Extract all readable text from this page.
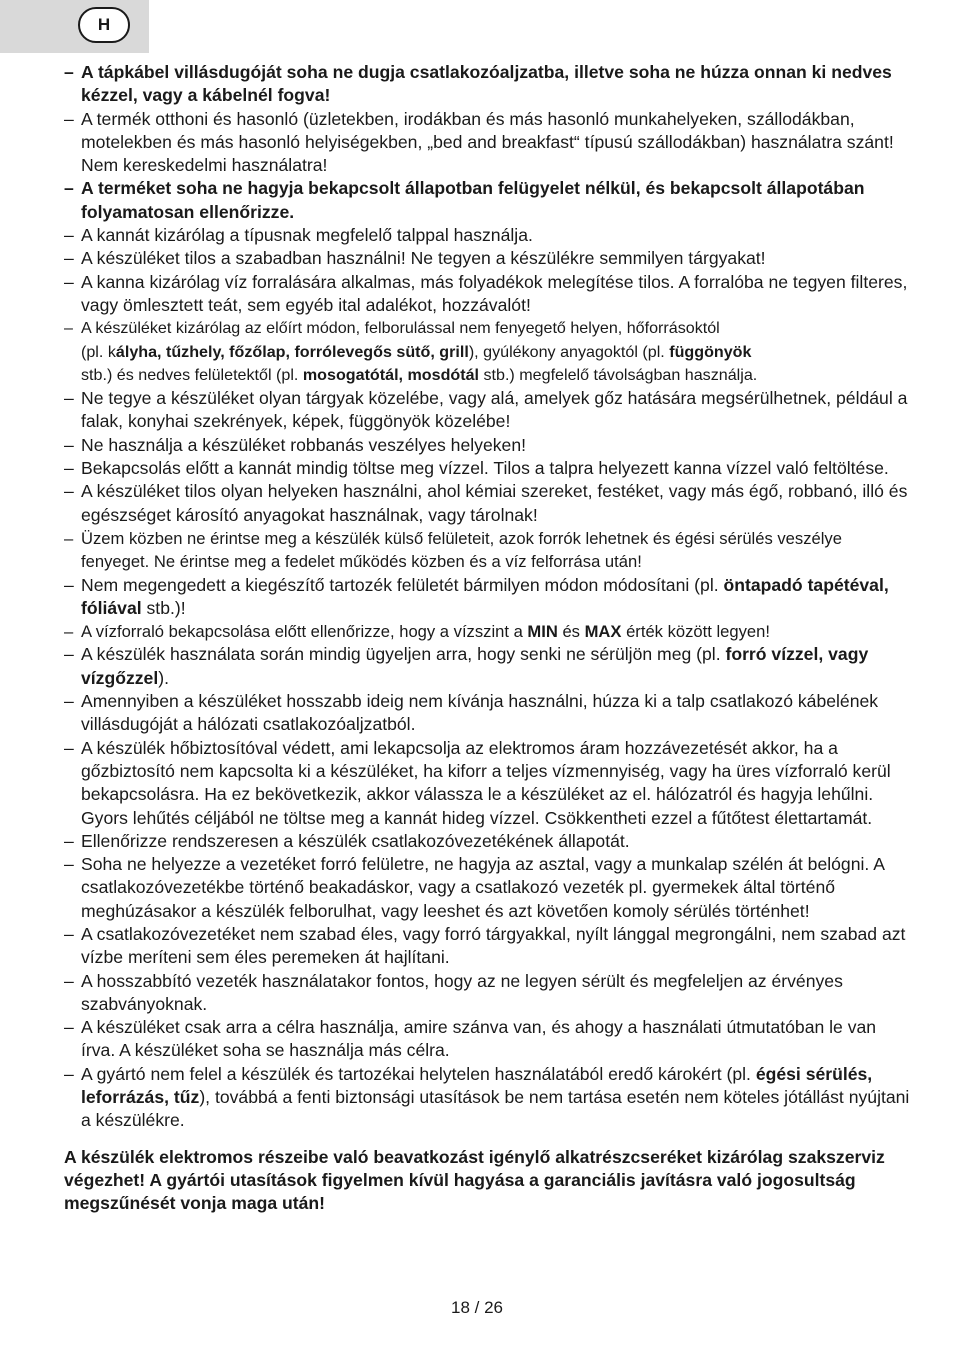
H
– A tápkábel villásdugóját soha ne dugja csatlakozóaljzatba, illetve soha ne húzza onnan ki nedves kézzel, vagy a kábelnél fogva!
– A termék otthoni és hasonló (üzletekben, irodákban és más hasonló munkahelyeken, szállodákban, motelekben és más hasonló helyiségekben, „bed and breakfast“ típusú szállodákban) használatra szánt! Nem kereskedelmi használatra!
– A terméket soha ne hagyja bekapcsolt állapotban felügyelet nélkül, és bekapcsolt állapotában folyamatosan ellenőrizze.
– A kannát kizárólag a típusnak megfelelő talppal használja.
– A készüléket tilos a szabadban használni! Ne tegyen a készülékre semmilyen tárgyakat!
– A kanna kizárólag víz forralására alkalmas, más folyadékok melegítése tilos. A forralóba ne tegyen filteres, vagy ömlesztett teát, sem egyéb ital adalékot, hozzávalót!
– A készüléket kizárólag az előírt módon, felborulással nem fenyegető helyen, hőforrásoktól
(pl. kályha, tűzhely, főzőlap, forrólevegős sütő, grill), gyúlékony anyagoktól (pl. függönyök
stb.) és nedves felületektől (pl. mosogatótál, mosdótál stb.) megfelelő távolságban használja.
– Ne tegye a készüléket olyan tárgyak közelébe, vagy alá, amelyek gőz hatására megsérülhetnek, például a falak, konyhai szekrények, képek, függönyök közelébe!
– Ne használja a készüléket robbanás veszélyes helyeken!
– Bekapcsolás előtt a kannát mindig töltse meg vízzel. Tilos a talpra helyezett kanna vízzel való feltöltése.
– A készüléket tilos olyan helyeken használni, ahol kémiai szereket, festéket, vagy más égő, robbanó, illó és egészséget károsító anyagokat használnak, vagy tárolnak!
– Üzem közben ne érintse meg a készülék külső felületeit, azok forrók lehetnek és égési sérülés veszélye fenyeget. Ne érintse meg a fedelet működés közben és a víz felforrása után!
– Nem megengedett a kiegészítő tartozék felületét bármilyen módon módosítani (pl. öntapadó tapétéval, fóliával stb.)!
– A vízforraló bekapcsolása előtt ellenőrizze, hogy a vízszint a MIN és MAX érték között legyen!
– A készülék használata során mindig ügyeljen arra, hogy senki ne sérüljön meg (pl. forró vízzel, vagy vízgőzzel).
– Amennyiben a készüléket hosszabb ideig nem kívánja használni, húzza ki a talp csatlakozó kábelének villásdugóját a hálózati csatlakozóaljzatból.
– A készülék hőbiztosítóval védett, ami lekapcsolja az elektromos áram hozzávezetését akkor, ha a gőzbiztosító nem kapcsolta ki a készüléket, ha kiforr a teljes vízmennyiség, vagy ha üres vízforraló kerül bekapcsolásra. Ha ez bekövetkezik, akkor válassza le a készüléket az el. hálózatról és hagyja lehűlni. Gyors lehűtés céljából ne töltse meg a kannát hideg vízzel. Csökkentheti ezzel a fűtőtest élettartamát.
– Ellenőrizze rendszeresen a készülék csatlakozóvezetékének állapotát.
– Soha ne helyezze a vezetéket forró felületre, ne hagyja az asztal, vagy a munkalap szélén át belógni. A csatlakozóvezetékbe történő beakadáskor, vagy a csatlakozó vezeték pl. gyermekek által történő meghúzásakor a készülék felborulhat, vagy leeshet és azt követően komoly sérülés történhet!
– A csatlakozóvezetéket nem szabad éles, vagy forró tárgyakkal, nyílt lánggal megrongálni, nem szabad azt vízbe meríteni sem éles peremeken át hajlítani.
– A hosszabbító vezeték használatakor fontos, hogy az ne legyen sérült és megfeleljen az érvényes szabványoknak.
– A készüléket csak arra a célra használja, amire szánva van, és ahogy a használati útmutatóban le van írva. A készüléket soha se használja más célra.
– A gyártó nem felel a készülék és tartozékai helytelen használatából eredő károkért (pl. égési sérülés, leforrázás, tűz), továbbá a fenti biztonsági utasítások be nem tartása esetén nem köteles jótállást nyújtani a készülékre.
A készülék elektromos részeibe való beavatkozást igénylő alkatrészcseréket kizárólag szakszerviz végezhet! A gyártói utasítások figyelmen kívül hagyása a garanciális javításra való jogosultság megszűnését vonja maga után!
18 / 26
